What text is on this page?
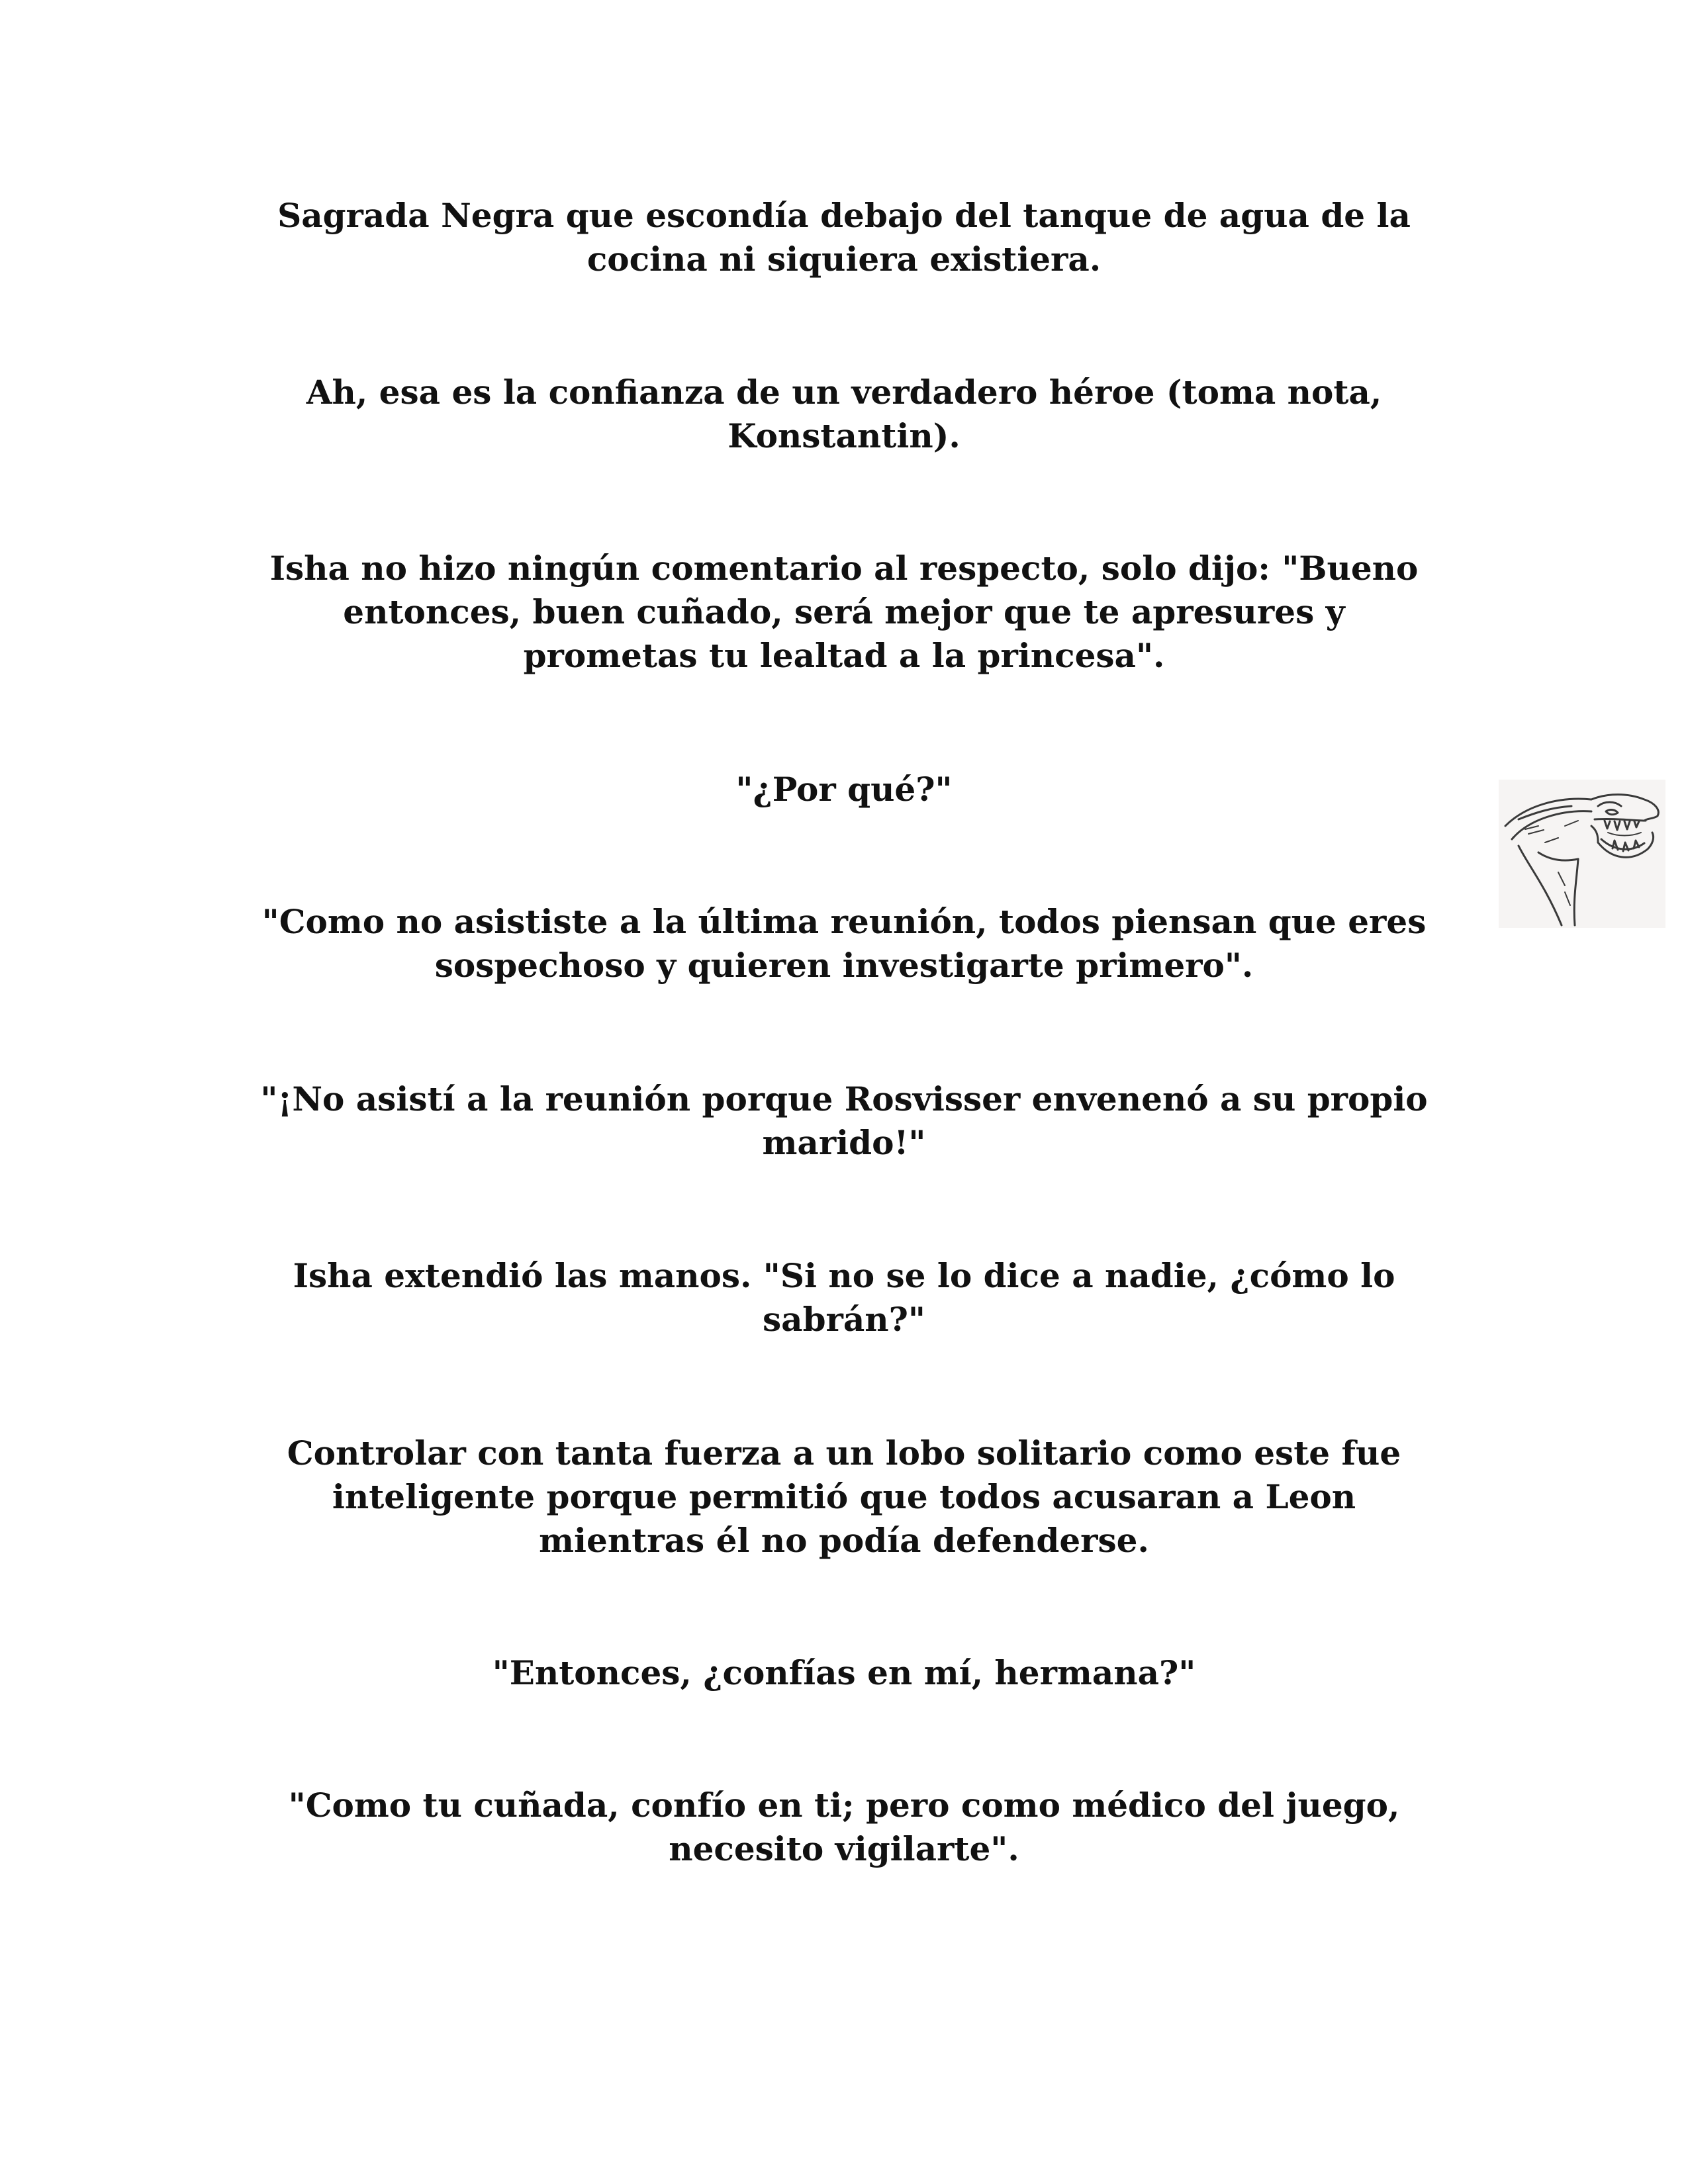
Sagrada Negra que escondía debajo del tanque de agua de la
cocina ni siquiera existiera.

Ah, esa es la confianza de un verdadero héroe (toma nota,
Konstantin).

Isha no hizo ningún comentario al respecto, solo dijo: "Bueno
entonces, buen cuñado, será mejor que te apresures y
prometas tu lealtad a la princesa".

"¿Por qué?"

"Como no asististe a la última reunión, todos piensan que eres
sospechoso y quieren investigarte primero".

"¡No asistí a la reunión porque Rosvisser envenenó a su propio
marido!"

Isha extendió las manos. "Si no se lo dice a nadie, ¿cómo lo
sabrán?"

Controlar con tanta fuerza a un lobo solitario como este fue
inteligente porque permitió que todos acusaran a Leon
mientras él no podía defenderse.

"Entonces, ¿confías en mí, hermana?"

"Como tu cuñada, confío en ti; pero como médico del juego,
necesito vigilarte".
